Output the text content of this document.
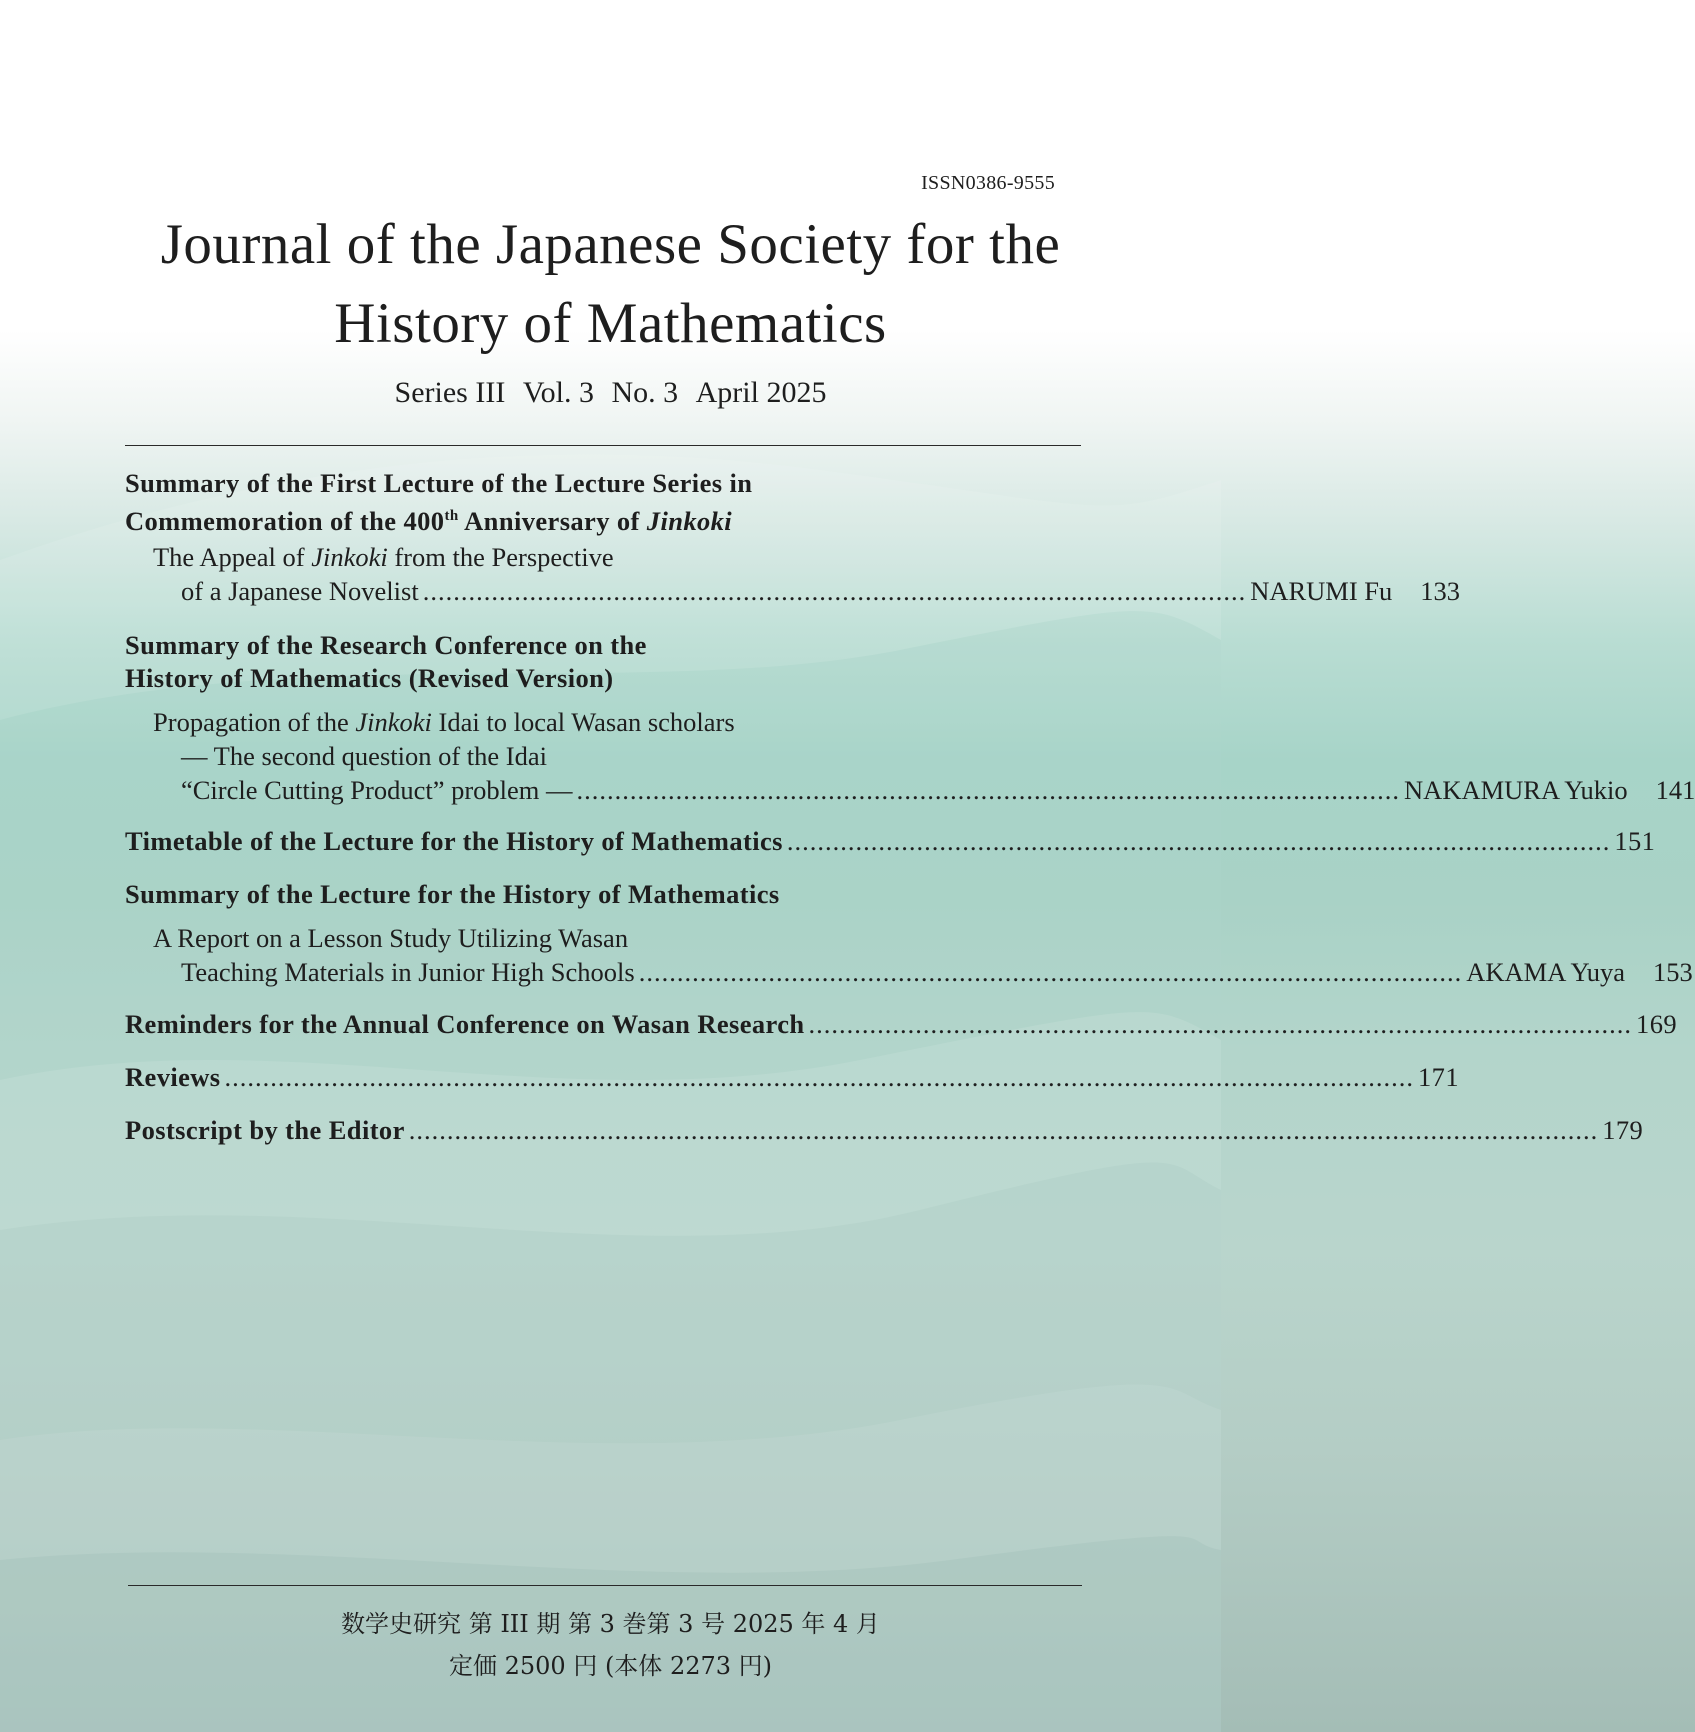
ISSN0386-9555
Journal of the Japanese Society for the
History of Mathematics
Series III Vol. 3 No. 3 April 2025
Summary of the First Lecture of the Lecture Series in
Commemoration of the 400th Anniversary of Jinkoki
The Appeal of Jinkoki from the Perspective
of a Japanese Novelist ............................................................................................................ NARUMI Fu	133
Summary of the Research Conference on the
History of Mathematics (Revised Version)
Propagation of the Jinkoki Idai to local Wasan scholars
— The second question of the Idai
“Circle Cutting Product” problem — ............................................................................................................ NAKAMURA Yukio	141
Timetable of the Lecture for the History of Mathematics ............................................................................................................ 151
Summary of the Lecture for the History of Mathematics
A Report on a Lesson Study Utilizing Wasan
Teaching Materials in Junior High Schools ............................................................................................................ AKAMA Yuya	153
Reminders for the Annual Conference on Wasan Research ............................................................................................................ 169
Reviews ............................................................................................................................................................ 171
Postscript by the Editor ............................................................................................................................................................ 179
数学史研究 第 III 期 第 3 巻第 3 号 2025 年 4 月
定価 2500 円 (本体 2273 円)
